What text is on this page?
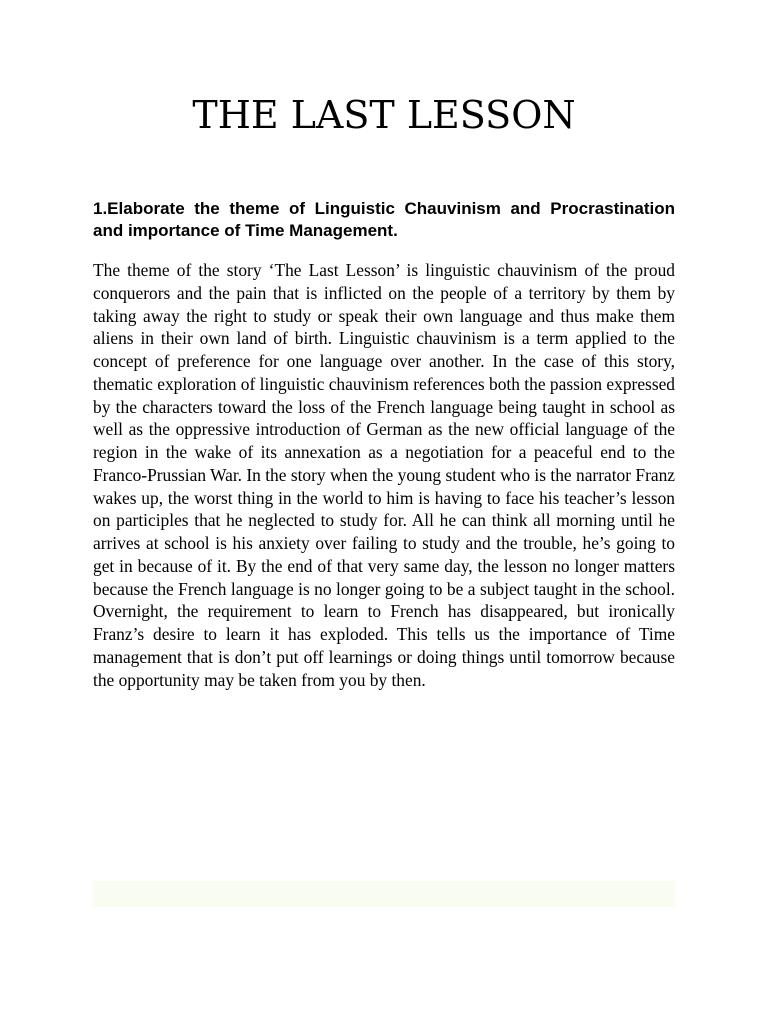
THE LAST LESSON

1.Elaborate the theme of Linguistic Chauvinism and Procrastination and importance of Time Management.

The theme of the story ‘The Last Lesson’ is linguistic chauvinism of the proud conquerors and the pain that is inflicted on the people of a territory by them by taking away the right to study or speak their own language and thus make them aliens in their own land of birth. Linguistic chauvinism is a term applied to the concept of preference for one language over another. In the case of this story, thematic exploration of linguistic chauvinism references both the passion expressed by the characters toward the loss of the French language being taught in school as well as the oppressive introduction of German as the new official language of the region in the wake of its annexation as a negotiation for a peaceful end to the Franco-Prussian War. In the story when the young student who is the narrator Franz wakes up, the worst thing in the world to him is having to face his teacher’s lesson on participles that he neglected to study for. All he can think all morning until he arrives at school is his anxiety over failing to study and the trouble, he’s going to get in because of it. By the end of that very same day, the lesson no longer matters because the French language is no longer going to be a subject taught in the school. Overnight, the requirement to learn to French has disappeared, but ironically Franz’s desire to learn it has exploded. This tells us the importance of Time management that is don’t put off learnings or doing things until tomorrow because the opportunity may be taken from you by then.
